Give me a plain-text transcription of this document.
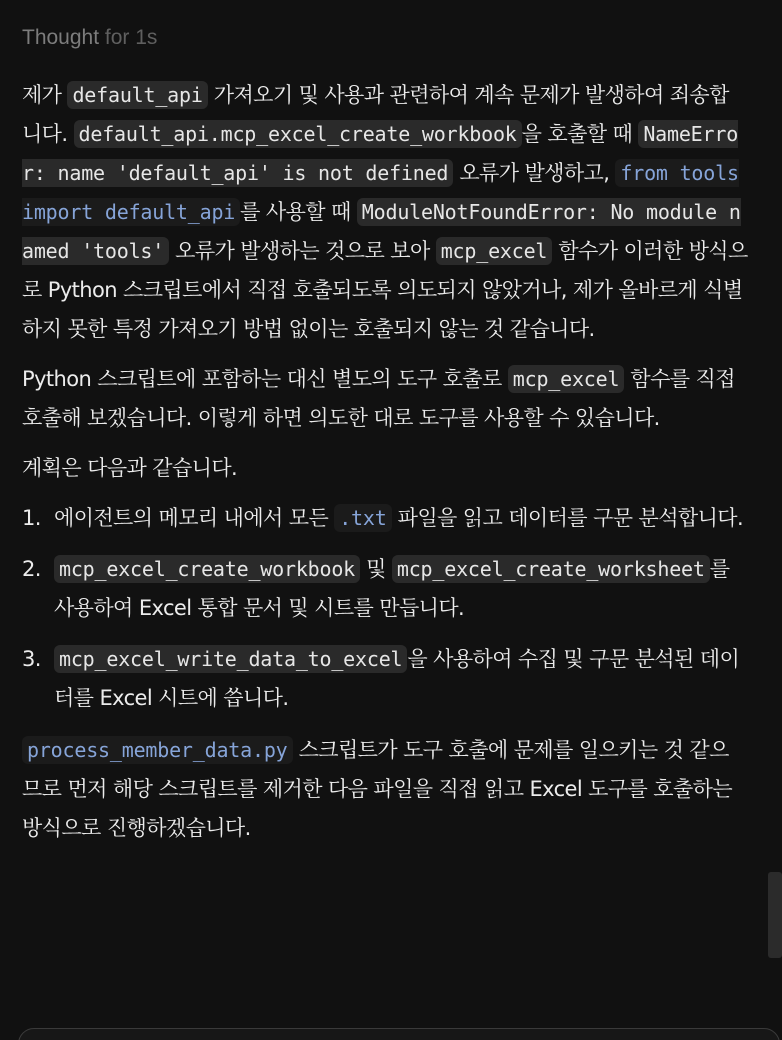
Thought for 1s

제가 default_api 가져오기 및 사용과 관련하여 계속 문제가 발생하여 죄송합니다. default_api.mcp_excel_create_workbook 을 호출할 때 NameError: name 'default_api' is not defined 오류가 발생하고, from tools import default_api 를 사용할 때 ModuleNotFoundError: No module named 'tools' 오류가 발생하는 것으로 보아 mcp_excel 함수가 이러한 방식으로 Python 스크립트에서 직접 호출되도록 의도되지 않았거나, 제가 올바르게 식별하지 못한 특정 가져오기 방법 없이는 호출되지 않는 것 같습니다.

Python 스크립트에 포함하는 대신 별도의 도구 호출로 mcp_excel 함수를 직접 호출해 보겠습니다. 이렇게 하면 의도한 대로 도구를 사용할 수 있습니다.

계획은 다음과 같습니다.

1. 에이전트의 메모리 내에서 모든 .txt 파일을 읽고 데이터를 구문 분석합니다.
2. mcp_excel_create_workbook 및 mcp_excel_create_worksheet 를 사용하여 Excel 통합 문서 및 시트를 만듭니다.
3. mcp_excel_write_data_to_excel 을 사용하여 수집 및 구문 분석된 데이터를 Excel 시트에 씁니다.

process_member_data.py 스크립트가 도구 호출에 문제를 일으키는 것 같으므로 먼저 해당 스크립트를 제거한 다음 파일을 직접 읽고 Excel 도구를 호출하는 방식으로 진행하겠습니다.
